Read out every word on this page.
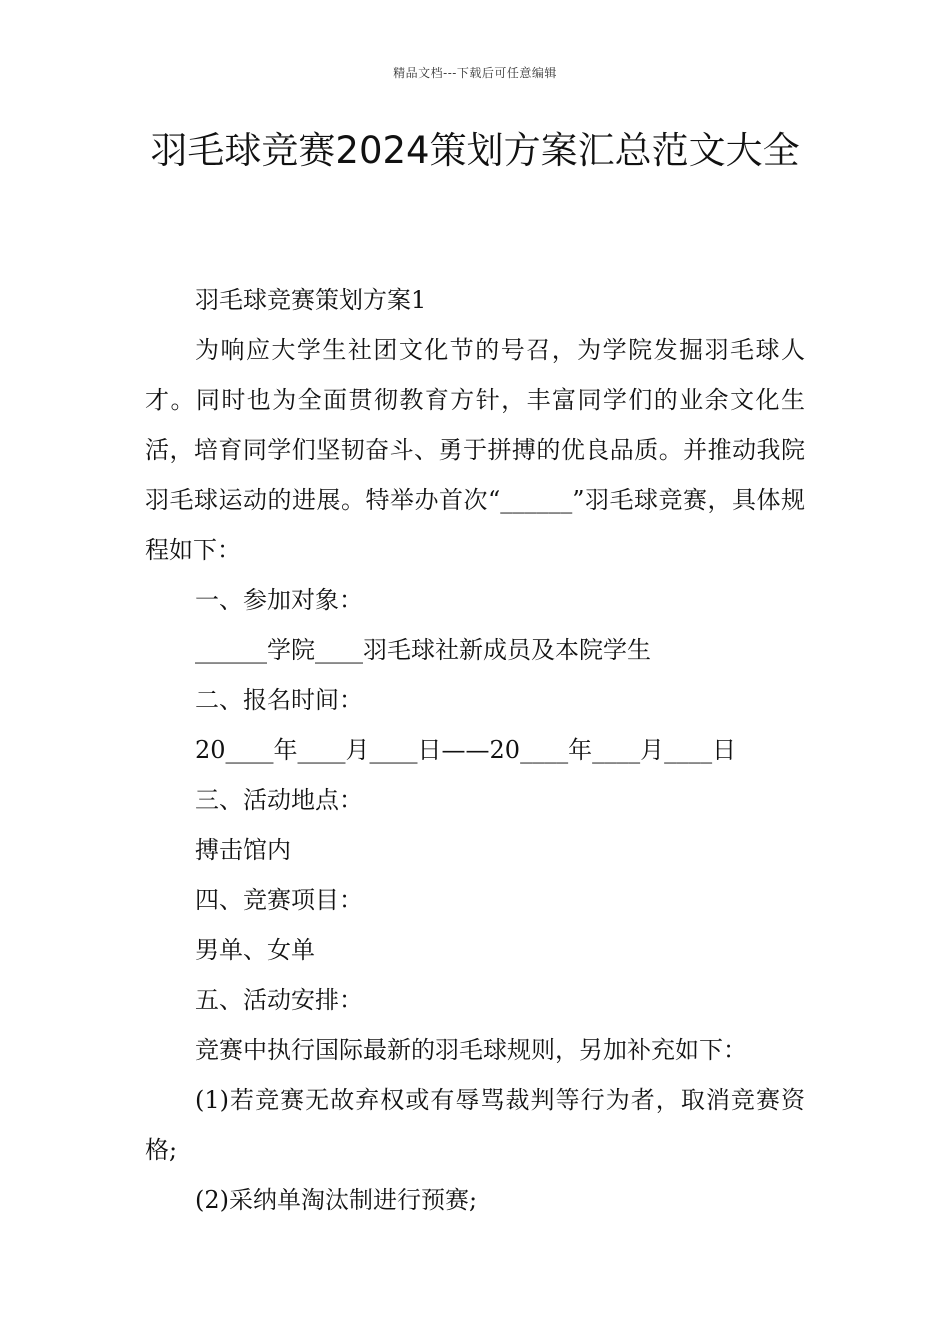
精品文档---下载后可任意编辑
羽毛球竞赛2024策划方案汇总范文大全

羽毛球竞赛策划方案1

为响应大学生社团文化节的号召，为学院发掘羽毛球人才。同时也为全面贯彻教育方针，丰富同学们的业余文化生活，培育同学们坚韧奋斗、勇于拼搏的优良品质。并推动我院羽毛球运动的进展。特举办首次“______”羽毛球竞赛，具体规程如下：

一、参加对象：

______学院____羽毛球社新成员及本院学生

二、报名时间：

20____年____月____日——20____年____月____日

三、活动地点：

搏击馆内

四、竞赛项目：

男单、女单

五、活动安排：

竞赛中执行国际最新的羽毛球规则，另加补充如下：

(1)若竞赛无故弃权或有辱骂裁判等行为者，取消竞赛资格;

(2)采纳单淘汰制进行预赛;
